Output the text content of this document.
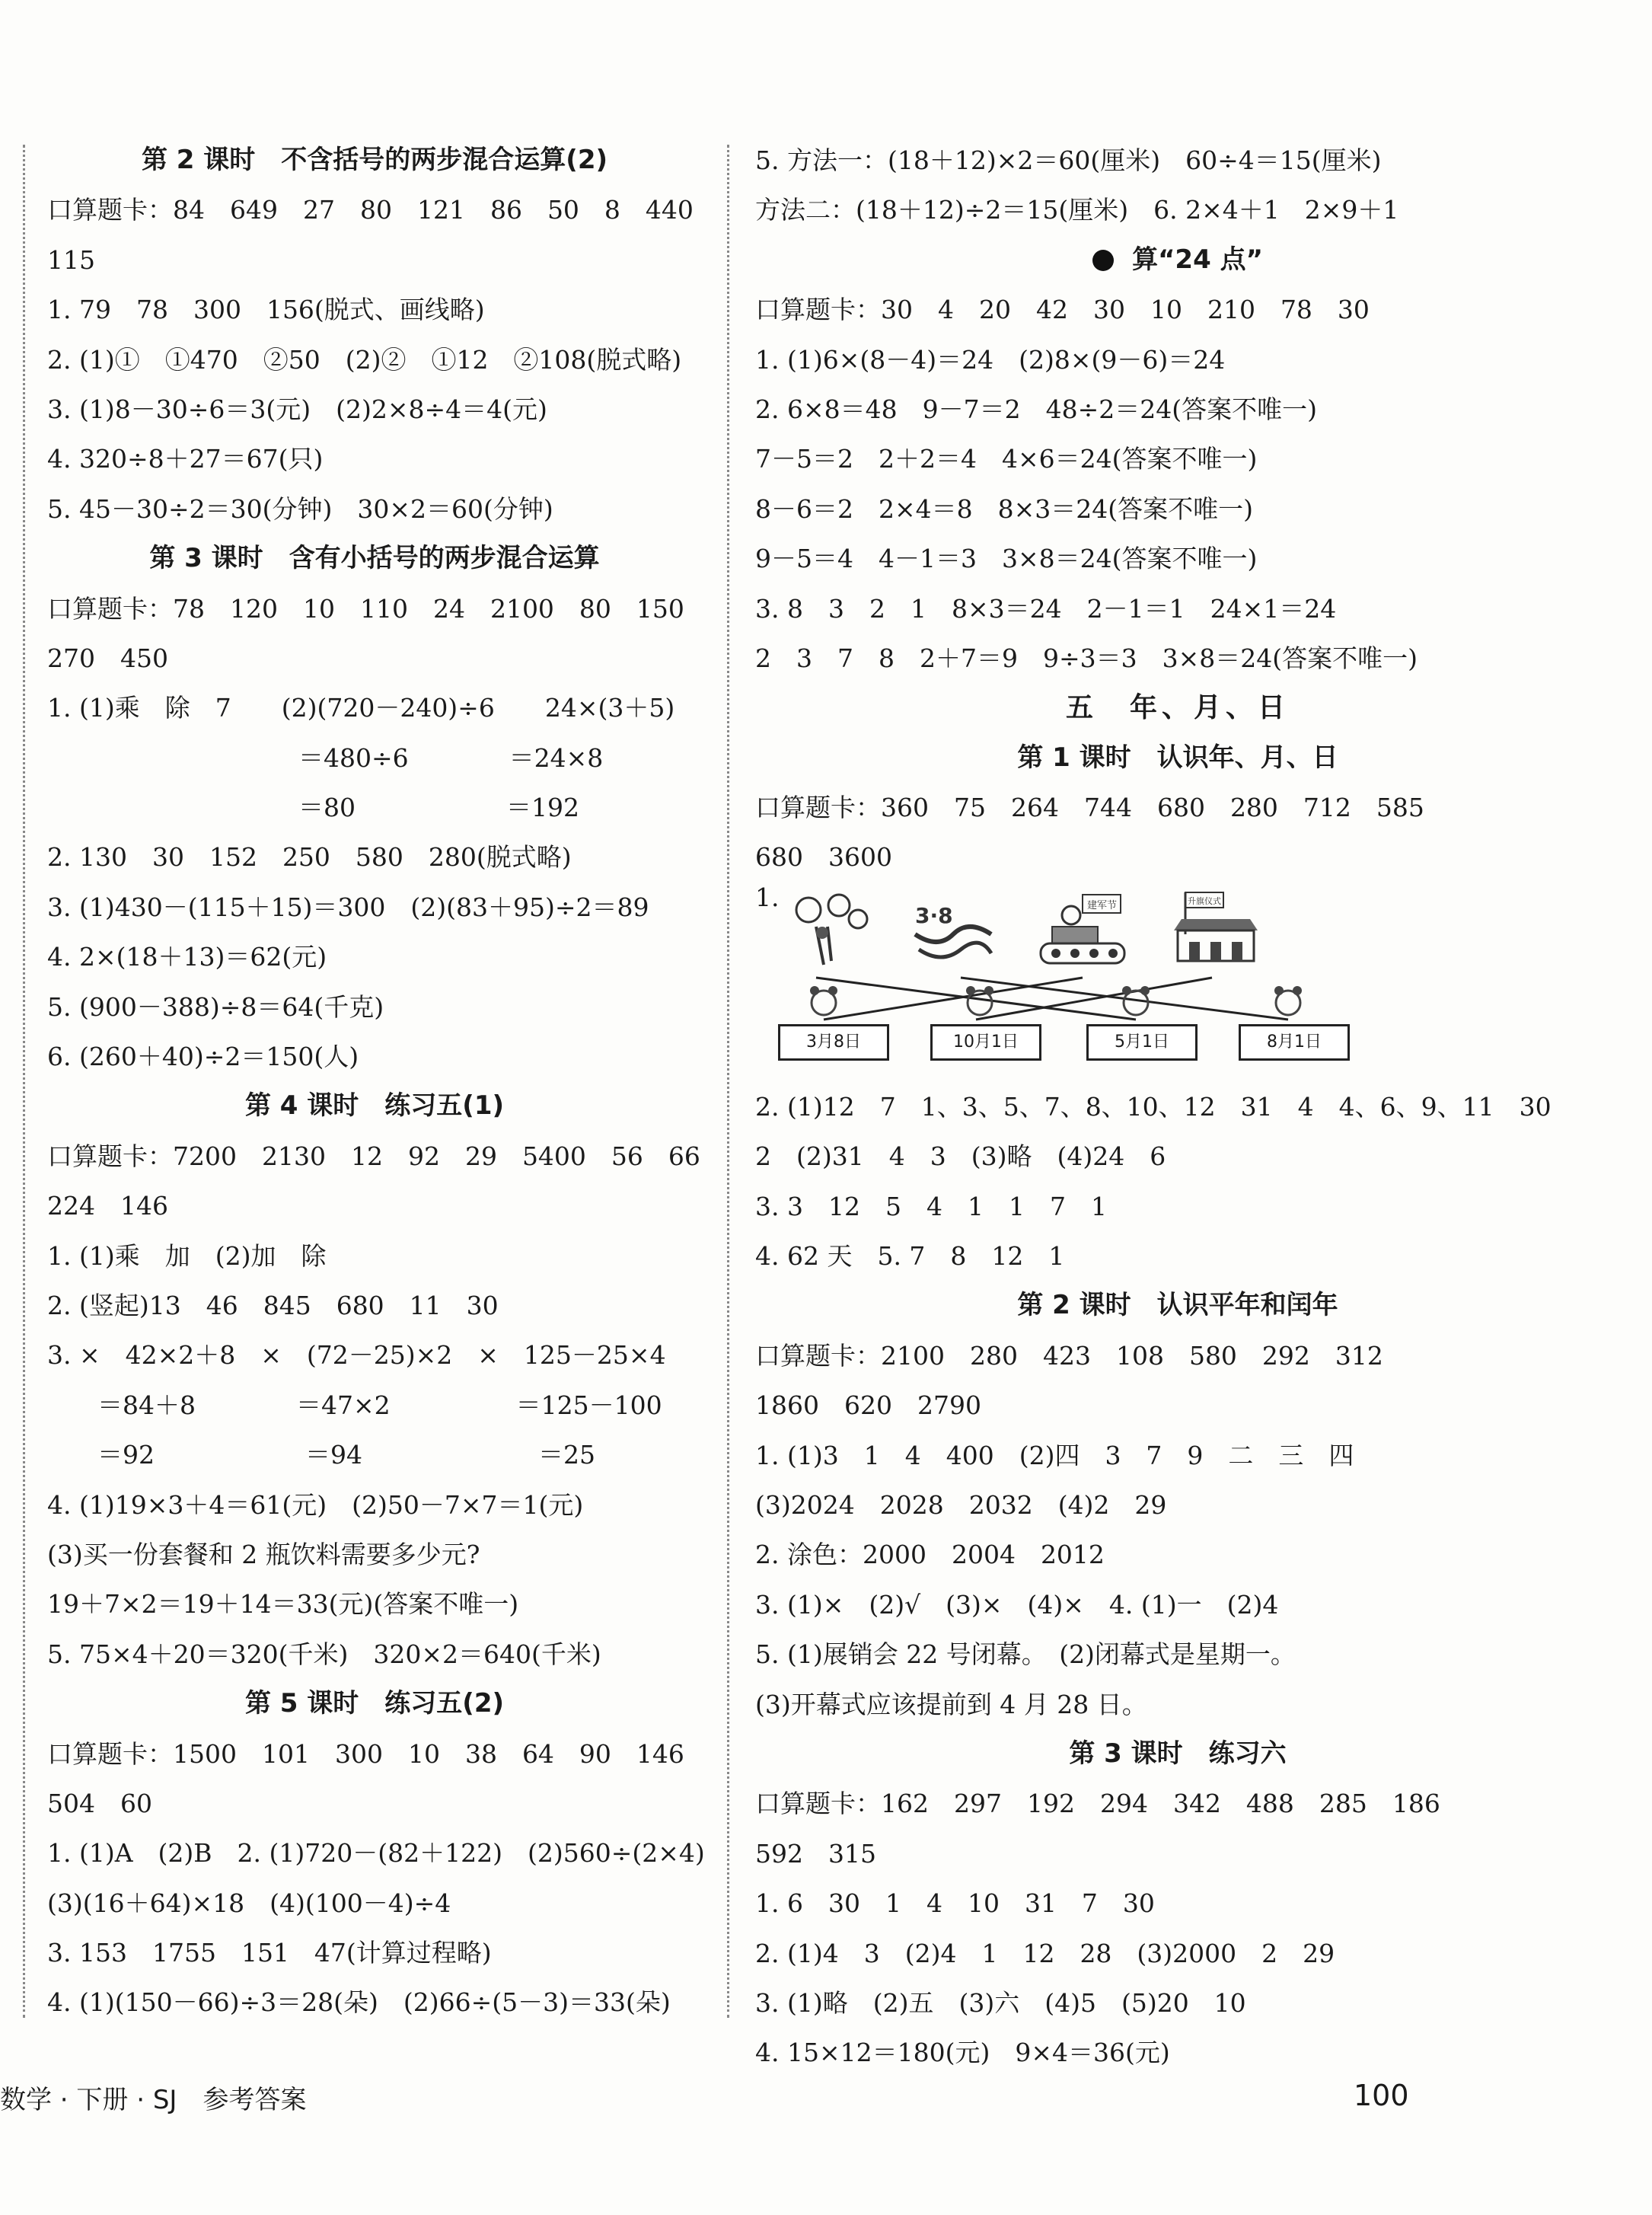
第 2 课时　不含括号的两步混合运算(2)
口算题卡：84　649　27　80　121　86　50　8　440
115
1. 79　78　300　156(脱式、画线略)
2. (1)①　①470　②50　(2)②　①12　②108(脱式略)
3. (1)8－30÷6＝3(元)　(2)2×8÷4＝4(元)
4. 320÷8＋27＝67(只)
5. 45－30÷2＝30(分钟)　30×2＝60(分钟)
第 3 课时　含有小括号的两步混合运算
口算题卡：78　120　10　110　24　2100　80　150
270　450
1. (1)乘　除　7　　(2)(720－240)÷6　　24×(3＋5)
　　　　　　　　　　＝480÷6　　　　＝24×8
　　　　　　　　　　＝80　　　　　　＝192
2. 130　30　152　250　580　280(脱式略)
3. (1)430－(115＋15)＝300　(2)(83＋95)÷2＝89
4. 2×(18＋13)＝62(元)
5. (900－388)÷8＝64(千克)
6. (260＋40)÷2＝150(人)
第 4 课时　练习五(1)
口算题卡：7200　2130　12　92　29　5400　56　66
224　146
1. (1)乘　加　(2)加　除
2. (竖起)13　46　845　680　11　30
3. ×　42×2＋8　×　(72－25)×2　×　125－25×4
　　＝84＋8　　　　＝47×2　　　　　＝125－100
　　＝92　　　　　　＝94　　　　　　　＝25
4. (1)19×3＋4＝61(元)　(2)50－7×7＝1(元)
(3)买一份套餐和 2 瓶饮料需要多少元?
19＋7×2＝19＋14＝33(元)(答案不唯一)
5. 75×4＋20＝320(千米)　320×2＝640(千米)
第 5 课时　练习五(2)
口算题卡：1500　101　300　10　38　64　90　146
504　60
1. (1)A　(2)B　2. (1)720－(82＋122)　(2)560÷(2×4)
(3)(16＋64)×18　(4)(100－4)÷4
3. 153　1755　151　47(计算过程略)
4. (1)(150－66)÷3＝28(朵)　(2)66÷(5－3)＝33(朵)
5. 方法一：(18＋12)×2＝60(厘米)　60÷4＝15(厘米)
方法二：(18＋12)÷2＝15(厘米)　6. 2×4＋1　2×9＋1
算“24 点”
口算题卡：30　4　20　42　30　10　210　78　30
1. (1)6×(8－4)＝24　(2)8×(9－6)＝24
2. 6×8＝48　9－7＝2　48÷2＝24(答案不唯一)
7－5＝2　2＋2＝4　4×6＝24(答案不唯一)
8－6＝2　2×4＝8　8×3＝24(答案不唯一)
9－5＝4　4－1＝3　3×8＝24(答案不唯一)
3. 8　3　2　1　8×3＝24　2－1＝1　24×1＝24
2　3　7　8　2＋7＝9　9÷3＝3　3×8＝24(答案不唯一)
五　年、月、日
第 1 课时　认识年、月、日
口算题卡：360　75　264　744　680　280　712　585
680　3600
1.
3·8	建军节	升旗仪式
3月8日	10月1日	5月1日	8月1日
2. (1)12　7　1、3、5、7、8、10、12　31　4　4、6、9、11　30
2　(2)31　4　3　(3)略　(4)24　6
3. 3　12　5　4　1　1　7　1
4. 62 天　5. 7　8　12　1
第 2 课时　认识平年和闰年
口算题卡：2100　280　423　108　580　292　312
1860　620　2790
1. (1)3　1　4　400　(2)四　3　7　9　二　三　四
(3)2024　2028　2032　(4)2　29
2. 涂色：2000　2004　2012
3. (1)×　(2)√　(3)×　(4)×　4. (1)一　(2)4
5. (1)展销会 22 号闭幕。　(2)闭幕式是星期一。
(3)开幕式应该提前到 4 月 28 日。
第 3 课时　练习六
口算题卡：162　297　192　294　342　488　285　186
592　315
1. 6　30　1　4　10　31　7　30
2. (1)4　3　(2)4　1　12　28　(3)2000　2　29
3. (1)略　(2)五　(3)六　(4)5　(5)20　10
4. 15×12＝180(元)　9×4＝36(元)
数学 · 下册 · SJ　参考答案	100
